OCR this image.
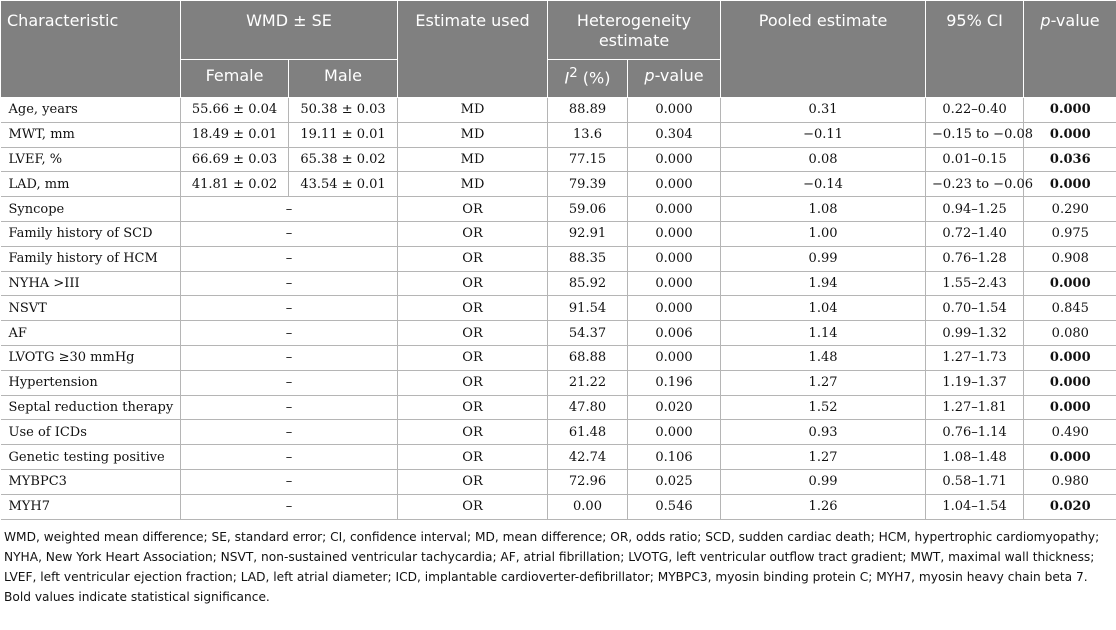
Characteristic	WMD ± SE		Estimate used	Heterogeneity estimate		Pooled estimate	95% CI	p-value
	Female	Male		$I^2$ (%)	p-value			
Age, years	55.66 ± 0.04	50.38 ± 0.03	MD	88.89	0.000	0.31	0.22–0.40	0.000
MWT, mm	18.49 ± 0.01	19.11 ± 0.01	MD	13.6	0.304	−0.11	−0.15 to −0.08	0.000
LVEF, %	66.69 ± 0.03	65.38 ± 0.02	MD	77.15	0.000	0.08	0.01–0.15	0.036
LAD, mm	41.81 ± 0.02	43.54 ± 0.01	MD	79.39	0.000	−0.14	−0.23 to −0.06	0.000
Syncope	–		OR	59.06	0.000	1.08	0.94–1.25	0.290
Family history of SCD	–		OR	92.91	0.000	1.00	0.72–1.40	0.975
Family history of HCM	–		OR	88.35	0.000	0.99	0.76–1.28	0.908
NYHA >III	–		OR	85.92	0.000	1.94	1.55–2.43	0.000
NSVT	–		OR	91.54	0.000	1.04	0.70–1.54	0.845
AF	–		OR	54.37	0.006	1.14	0.99–1.32	0.080
LVOTG ≥30 mmHg	–		OR	68.88	0.000	1.48	1.27–1.73	0.000
Hypertension	–		OR	21.22	0.196	1.27	1.19–1.37	0.000
Septal reduction therapy	–		OR	47.80	0.020	1.52	1.27–1.81	0.000
Use of ICDs	–		OR	61.48	0.000	0.93	0.76–1.14	0.490
Genetic testing positive	–		OR	42.74	0.106	1.27	1.08–1.48	0.000
MYBPC3	–		OR	72.96	0.025	0.99	0.58–1.71	0.980
MYH7	–		OR	0.00	0.546	1.26	1.04–1.54	0.020

WMD, weighted mean difference; SE, standard error; CI, confidence interval; MD, mean difference; OR, odds ratio; SCD, sudden cardiac death; HCM, hypertrophic cardiomyopathy; NYHA, New York Heart Association; NSVT, non-sustained ventricular tachycardia; AF, atrial fibrillation; LVOTG, left ventricular outflow tract gradient; MWT, maximal wall thickness; LVEF, left ventricular ejection fraction; LAD, left atrial diameter; ICD, implantable cardioverter-defibrillator; MYBPC3, myosin binding protein C; MYH7, myosin heavy chain beta 7.

Bold values indicate statistical significance.
